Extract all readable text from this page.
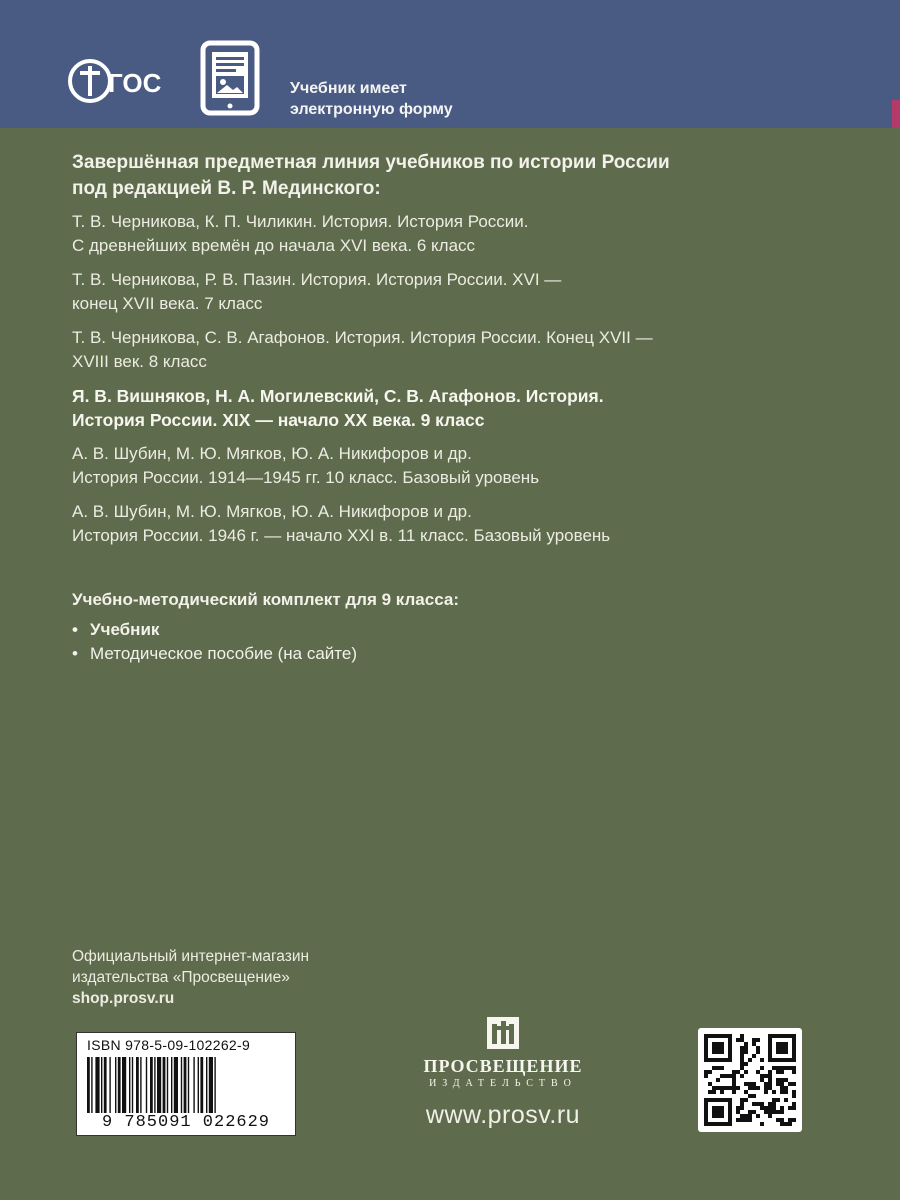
ГОС	Учебник имеет
электронную форму
Завершённая предметная линия учебников по истории России
под редакцией В. Р. Мединского:
Т. В. Черникова, К. П. Чиликин. История. История России.
С древнейших времён до начала XVI века. 6 класс
Т. В. Черникова, Р. В. Пазин. История. История России. XVI —
конец XVII века. 7 класс
Т. В. Черникова, С. В. Агафонов. История. История России. Конец XVII —
XVIII век. 8 класс
Я. В. Вишняков, Н. А. Могилевский, С. В. Агафонов. История.
История России. XIX — начало XX века. 9 класс
А. В. Шубин, М. Ю. Мягков, Ю. А. Никифоров и др.
История России. 1914—1945 гг. 10 класс. Базовый уровень
А. В. Шубин, М. Ю. Мягков, Ю. А. Никифоров и др.
История России. 1946 г. — начало XXI в. 11 класс. Базовый уровень
Учебно-методический комплект для 9 класса:
• Учебник
• Методическое пособие (на сайте)
Официальный интернет-магазин
издательства «Просвещение»
shop.prosv.ru
ISBN 978-5-09-102262-9
9 785091 022629
ПРОСВЕЩЕНИЕ
ИЗДАТЕЛЬСТВО
www.prosv.ru
